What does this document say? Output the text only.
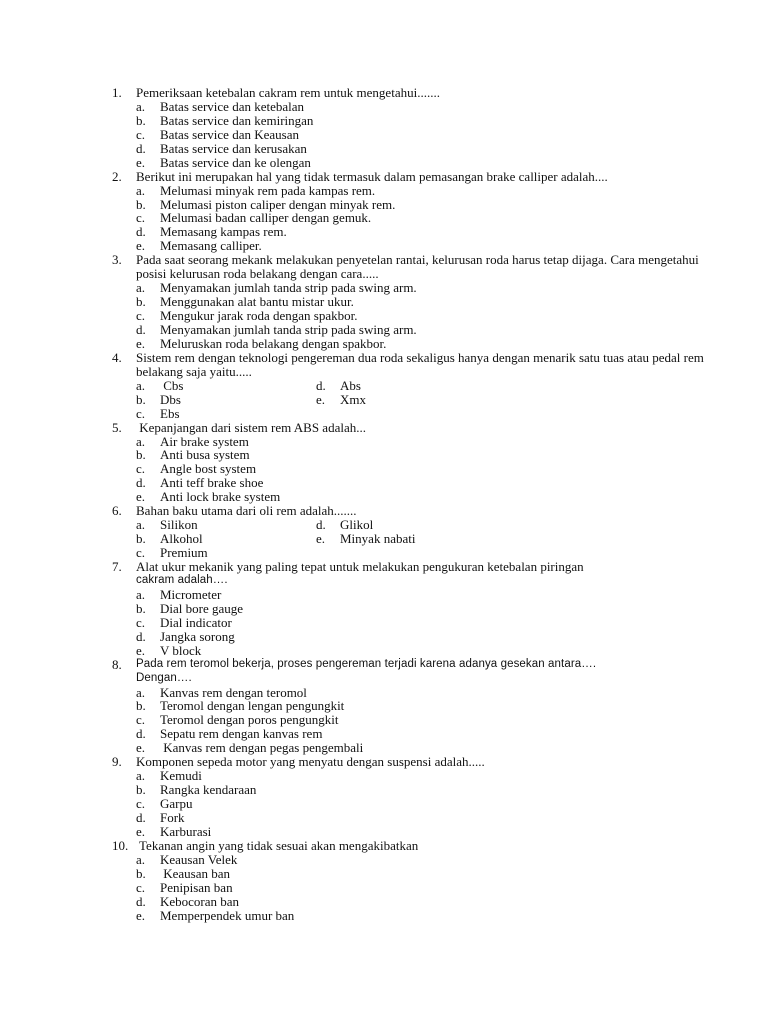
1. Pemeriksaan ketebalan cakram rem untuk mengetahui.......
a. Batas service dan ketebalan
b. Batas service dan kemiringan
c. Batas service dan Keausan
d. Batas service dan kerusakan
e. Batas service dan ke olengan
2. Berikut ini merupakan hal yang tidak termasuk dalam pemasangan brake calliper adalah....
a. Melumasi minyak rem pada kampas rem.
b. Melumasi piston caliper dengan minyak rem.
c. Melumasi badan calliper dengan gemuk.
d. Memasang kampas rem.
e. Memasang calliper.
3. Pada saat seorang mekank melakukan penyetelan rantai, kelurusan roda harus tetap dijaga. Cara mengetahui posisi kelurusan roda belakang dengan cara.....
a. Menyamakan jumlah tanda strip pada swing arm.
b. Menggunakan alat bantu mistar ukur.
c. Mengukur jarak roda dengan spakbor.
d. Menyamakan jumlah tanda strip pada swing arm.
e. Meluruskan roda belakang dengan spakbor.
4. Sistem rem dengan teknologi pengereman dua roda sekaligus hanya dengan menarik satu tuas atau pedal rem belakang saja yaitu.....
d. Abs
e. Xmx
a. Cbs
b. Dbs
c. Ebs
5. Kepanjangan dari sistem rem ABS adalah...
a. Air brake system
b. Anti busa system
c. Angle bost system
d. Anti teff brake shoe
e. Anti lock brake system
6. Bahan baku utama dari oli rem adalah.......
d. Glikol
e. Minyak nabati
a. Silikon
b. Alkohol
c. Premium
7. Alat ukur mekanik yang paling tepat untuk melakukan pengukuran ketebalan piringan
cakram adalah….
a. Micrometer
b. Dial bore gauge
c. Dial indicator
d. Jangka sorong
e. V block
8. Pada rem teromol bekerja, proses pengereman terjadi karena adanya gesekan antara….
Dengan….
a. Kanvas rem dengan teromol
b. Teromol dengan lengan pengungkit
c. Teromol dengan poros pengungkit
d. Sepatu rem dengan kanvas rem
e. Kanvas rem dengan pegas pengembali
9. Komponen sepeda motor yang menyatu dengan suspensi adalah.....
a. Kemudi
b. Rangka kendaraan
c. Garpu
d. Fork
e. Karburasi
10. Tekanan angin yang tidak sesuai akan mengakibatkan
a. Keausan Velek
b. Keausan ban
c. Penipisan ban
d. Kebocoran ban
e. Memperpendek umur ban
